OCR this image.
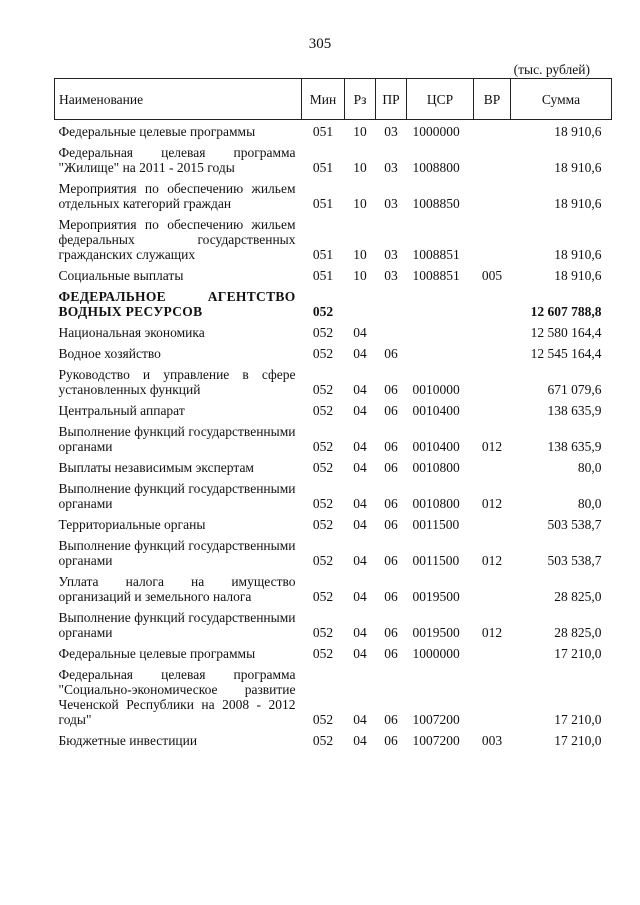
305
(тыс. рублей)
Наименование	Мин	Рз	ПР	ЦСР	ВР	Сумма
Федеральные целевые программы	051	10	03	1000000		18 910,6
Федеральная целевая программа "Жилище" на 2011 - 2015 годы	051	10	03	1008800		18 910,6
Мероприятия по обеспечению жильем отдельных категорий граждан	051	10	03	1008850		18 910,6
Мероприятия по обеспечению жильем федеральных государственных гражданских служащих	051	10	03	1008851		18 910,6
Социальные выплаты	051	10	03	1008851	005	18 910,6
ФЕДЕРАЛЬНОЕ АГЕНТСТВО ВОДНЫХ РЕСУРСОВ	052					12 607 788,8
Национальная экономика	052	04				12 580 164,4
Водное хозяйство	052	04	06			12 545 164,4
Руководство и управление в сфере установленных функций	052	04	06	0010000		671 079,6
Центральный аппарат	052	04	06	0010400		138 635,9
Выполнение функций государственными органами	052	04	06	0010400	012	138 635,9
Выплаты независимым экспертам	052	04	06	0010800		80,0
Выполнение функций государственными органами	052	04	06	0010800	012	80,0
Территориальные органы	052	04	06	0011500		503 538,7
Выполнение функций государственными органами	052	04	06	0011500	012	503 538,7
Уплата налога на имущество организаций и земельного налога	052	04	06	0019500		28 825,0
Выполнение функций государственными органами	052	04	06	0019500	012	28 825,0
Федеральные целевые программы	052	04	06	1000000		17 210,0
Федеральная целевая программа "Социально-экономическое развитие Чеченской Республики на 2008 - 2012 годы"	052	04	06	1007200		17 210,0
Бюджетные инвестиции	052	04	06	1007200	003	17 210,0
